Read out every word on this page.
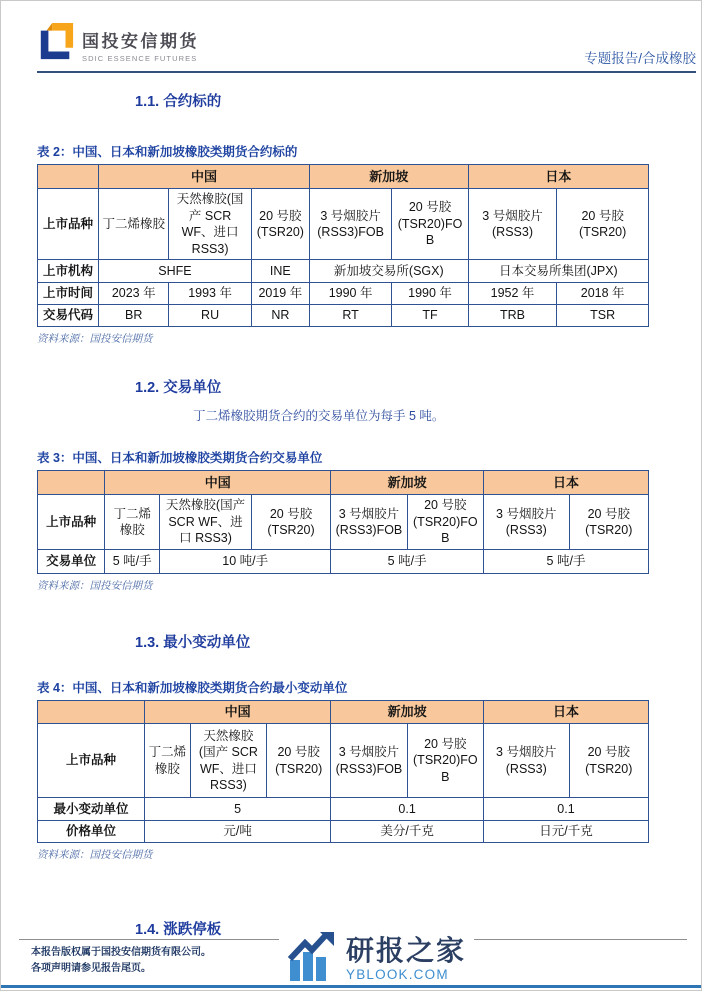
国投安信期货
SDIC ESSENCE FUTURES	专题报告/合成橡胶
1.1. 合约标的
表 2：中国、日本和新加坡橡胶类期货合约标的
	中国			新加坡		日本	
上市品种	丁二烯橡胶	天然橡胶(国产 SCR WF、进口 RSS3)	20 号胶 (TSR20)	3 号烟胶片 (RSS3)FOB	20 号胶 (TSR20)FOB	3 号烟胶片 (RSS3)	20 号胶 (TSR20)
上市机构	SHFE		INE	新加坡交易所(SGX)		日本交易所集团(JPX)	
上市时间	2023 年	1993 年	2019 年	1990 年	1990 年	1952 年	2018 年
交易代码	BR	RU	NR	RT	TF	TRB	TSR
资料来源：国投安信期货
1.2. 交易单位
丁二烯橡胶期货合约的交易单位为每手 5 吨。
表 3：中国、日本和新加坡橡胶类期货合约交易单位
	中国			新加坡		日本	
上市品种	丁二烯橡胶	天然橡胶(国产 SCR WF、进口 RSS3)	20 号胶 (TSR20)	3 号烟胶片 (RSS3)FOB	20 号胶 (TSR20)FOB	3 号烟胶片 (RSS3)	20 号胶 (TSR20)
交易单位	5 吨/手	10 吨/手		5 吨/手		5 吨/手	
资料来源：国投安信期货
1.3. 最小变动单位
表 4：中国、日本和新加坡橡胶类期货合约最小变动单位
	中国			新加坡		日本	
上市品种	丁二烯橡胶	天然橡胶 (国产 SCR WF、进口 RSS3)	20 号胶 (TSR20)	3 号烟胶片 (RSS3)FOB	20 号胶 (TSR20)FOB	3 号烟胶片 (RSS3)	20 号胶 (TSR20)
最小变动单位	5			0.1		0.1	
价格单位	元/吨			美分/千克		日元/千克	
资料来源：国投安信期货
1.4. 涨跌停板
本报告版权属于国投安信期货有限公司。
各项声明请参见报告尾页。
研报之家
YBLOOK.COM
